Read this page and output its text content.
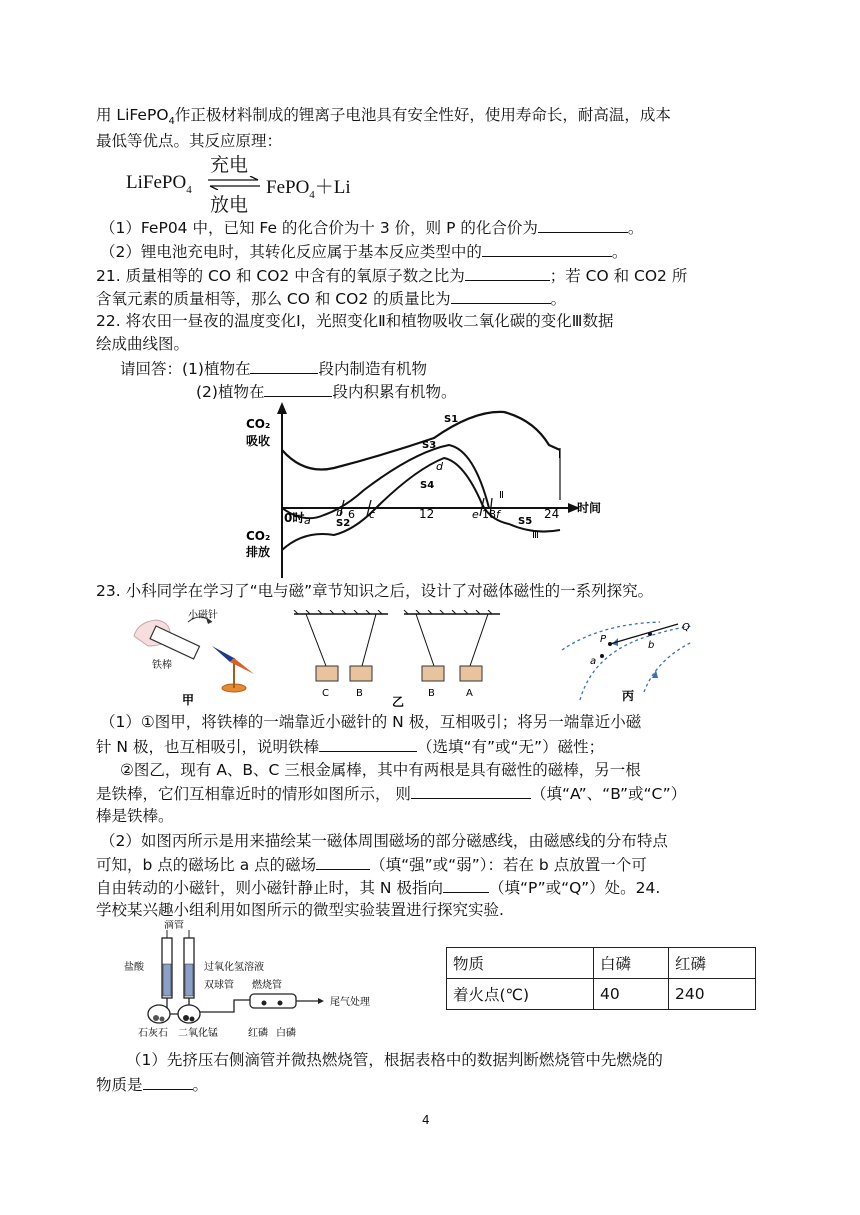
用 LiFePO$_4$作正极材料制成的锂离子电池具有安全性好，使用寿命长，耐高温，成本
最低等优点。其反应原理：
LiFePO$_4$
充电
放电
FePO$_4$＋Li
（1）FeP04 中，已知 Fe 的化合价为十 3 价，则 P 的化合价为	。
（2）锂电池充电时，其转化反应属于基本反应类型中的	。
21. 质量相等的 CO 和 CO2 中含有的氧原子数之比为	；若 CO 和 CO2 所
含氧元素的质量相等，那么 CO 和 CO2 的质量比为	。
22. 将农田一昼夜的温度变化Ⅰ，光照变化Ⅱ和植物吸收二氧化碳的变化Ⅲ数据
绘成曲线图。
请回答：(1)植物在	段内制造有机物
(2)植物在	段内积累有机物。
CO₂
吸收
CO₂
排放
时间
0时 a
b 6 c	12	e 18 f	24
d
S1
S2
S3
S4
S5
I
Ⅱ
Ⅲ
23. 小科同学在学习了“电与磁”章节知识之后，设计了对磁体磁性的一系列探究。
小磁针
铁棒
甲	C	B	B	A
乙
Q
P
b
a
丙
（1）①图甲，将铁棒的一端靠近小磁针的 N 极，互相吸引；将另一端靠近小磁
针 N 极，也互相吸引，说明铁棒	（选填“有”或“无”）磁性；
②图乙，现有 A、B、C 三根金属棒，其中有两根是具有磁性的磁棒，另一根
是铁棒，它们互相靠近时的情形如图所示， 则	（填“A”、“B”或“C”）
棒是铁棒。
（2）如图丙所示是用来描绘某一磁体周围磁场的部分磁感线，由磁感线的分布特点
可知，b 点的磁场比 a 点的磁场	（填“强”或“弱”）：若在 b 点放置一个可
自由转动的小磁针，则小磁针静止时，其 N 极指向	（填“P”或“Q”）处。24.
学校某兴趣小组利用如图所示的微型实验装置进行探究实验.
滴管
盐酸	过氧化氢溶液
双球管 燃烧管
尾气处理
石灰石 二氧化锰	红磷 白磷
物质	白磷	红磷
着火点(℃)	40	240
（1）先挤压右侧滴管并微热燃烧管，根据表格中的数据判断燃烧管中先燃烧的
物质是	。
4
